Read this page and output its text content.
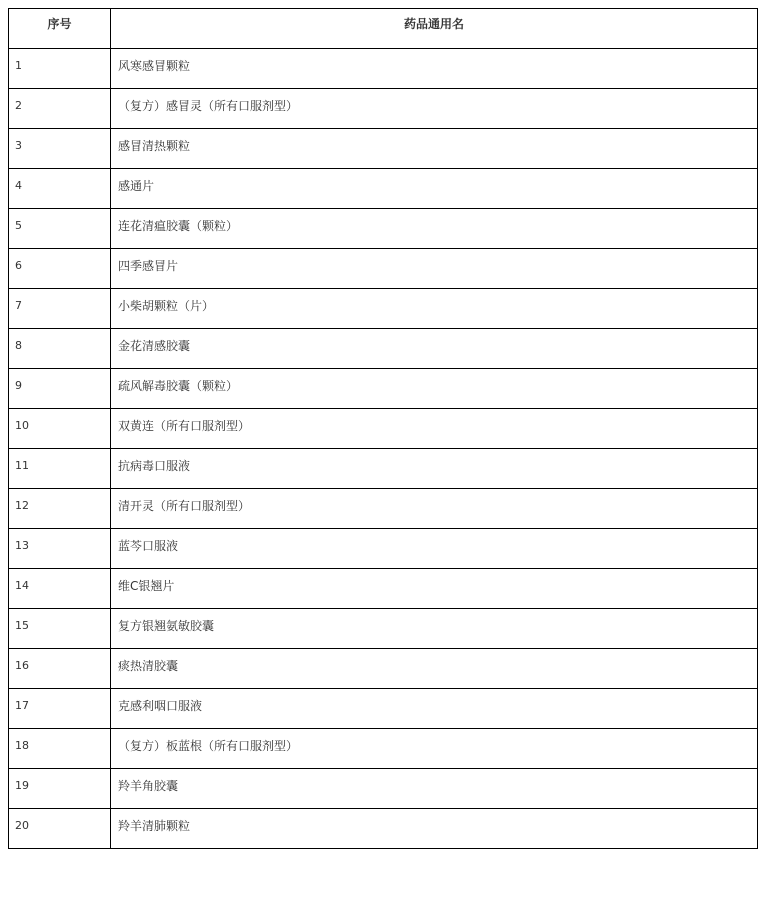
序号	药品通用名
1	风寒感冒颗粒
2	（复方）感冒灵（所有口服剂型）
3	感冒清热颗粒
4	感通片
5	连花清瘟胶囊（颗粒）
6	四季感冒片
7	小柴胡颗粒（片）
8	金花清感胶囊
9	疏风解毒胶囊（颗粒）
10	双黄连（所有口服剂型）
11	抗病毒口服液
12	清开灵（所有口服剂型）
13	蓝芩口服液
14	维C银翘片
15	复方银翘氨敏胶囊
16	痰热清胶囊
17	克感利咽口服液
18	（复方）板蓝根（所有口服剂型）
19	羚羊角胶囊
20	羚羊清肺颗粒
